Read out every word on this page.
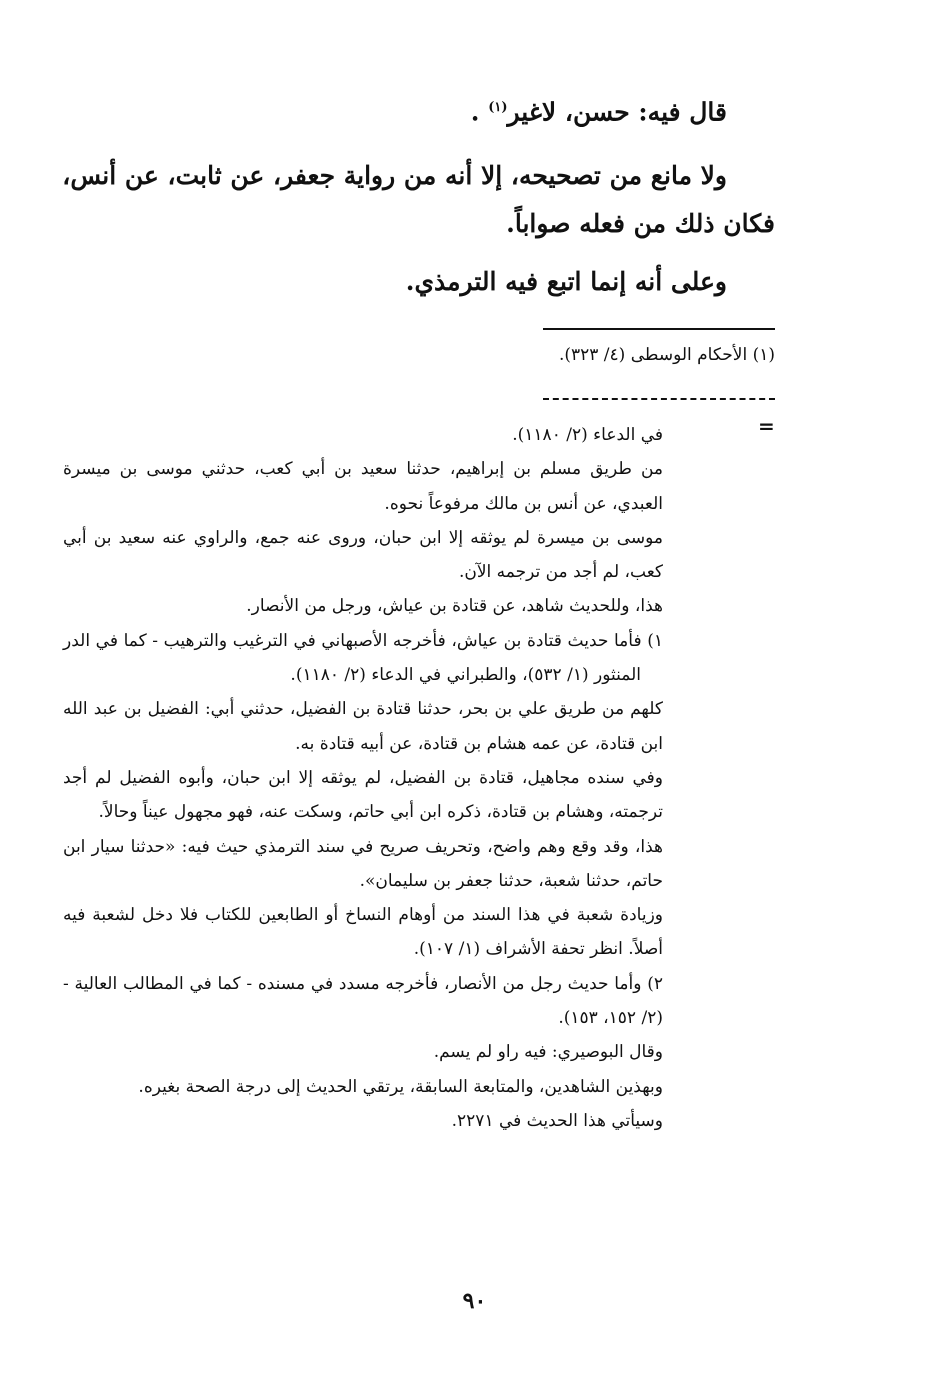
قال فيه: حسن، لاغير$^{(١)}$ .
ولا مانع من تصحيحه، إلا أنه من رواية جعفر، عن ثابت، عن أنس،
فكان ذلك من فعله صواباً.
وعلى أنه إنما اتبع فيه الترمذي.
(١) الأحكام الوسطى (٤/ ٣٢٣).
=

في الدعاء (٢/ ١١٨٠).

من طريق مسلم بن إبراهيم، حدثنا سعيد بن أبي كعب، حدثني موسى بن ميسرة العبدي، عن أنس بن مالك مرفوعاً نحوه.

موسى بن ميسرة لم يوثقه إلا ابن حبان، وروى عنه جمع، والراوي عنه سعيد بن أبي كعب، لم أجد من ترجمه الآن.

هذا، وللحديث شاهد، عن قتادة بن عياش، ورجل من الأنصار.

١) فأما حديث قتادة بن عياش، فأخرجه الأصبهاني في الترغيب والترهيب - كما في الدر المنثور (١/ ٥٣٢)، والطبراني في الدعاء (٢/ ١١٨٠).

كلهم من طريق علي بن بحر، حدثنا قتادة بن الفضيل، حدثني أبي: الفضيل بن عبد الله ابن قتادة، عن عمه هشام بن قتادة، عن أبيه قتادة به.

وفي سنده مجاهيل، قتادة بن الفضيل، لم يوثقه إلا ابن حبان، وأبوه الفضيل لم أجد ترجمته، وهشام بن قتادة، ذكره ابن أبي حاتم، وسكت عنه، فهو مجهول عيناً وحالاً.

هذا، وقد وقع وهم واضح، وتحريف صريح في سند الترمذي حيث فيه: «حدثنا سيار ابن حاتم، حدثنا شعبة، حدثنا جعفر بن سليمان».

وزيادة شعبة في هذا السند من أوهام النساخ أو الطابعين للكتاب فلا دخل لشعبة فيه أصلاً. انظر تحفة الأشراف (١/ ١٠٧).

٢) وأما حديث رجل من الأنصار، فأخرجه مسدد في مسنده - كما في المطالب العالية - (٢/ ١٥٢، ١٥٣).

وقال البوصيري: فيه راو لم يسم.

وبهذين الشاهدين، والمتابعة السابقة، يرتقي الحديث إلى درجة الصحة بغيره.

وسيأتي هذا الحديث في ٢٢٧١.

٩٠
